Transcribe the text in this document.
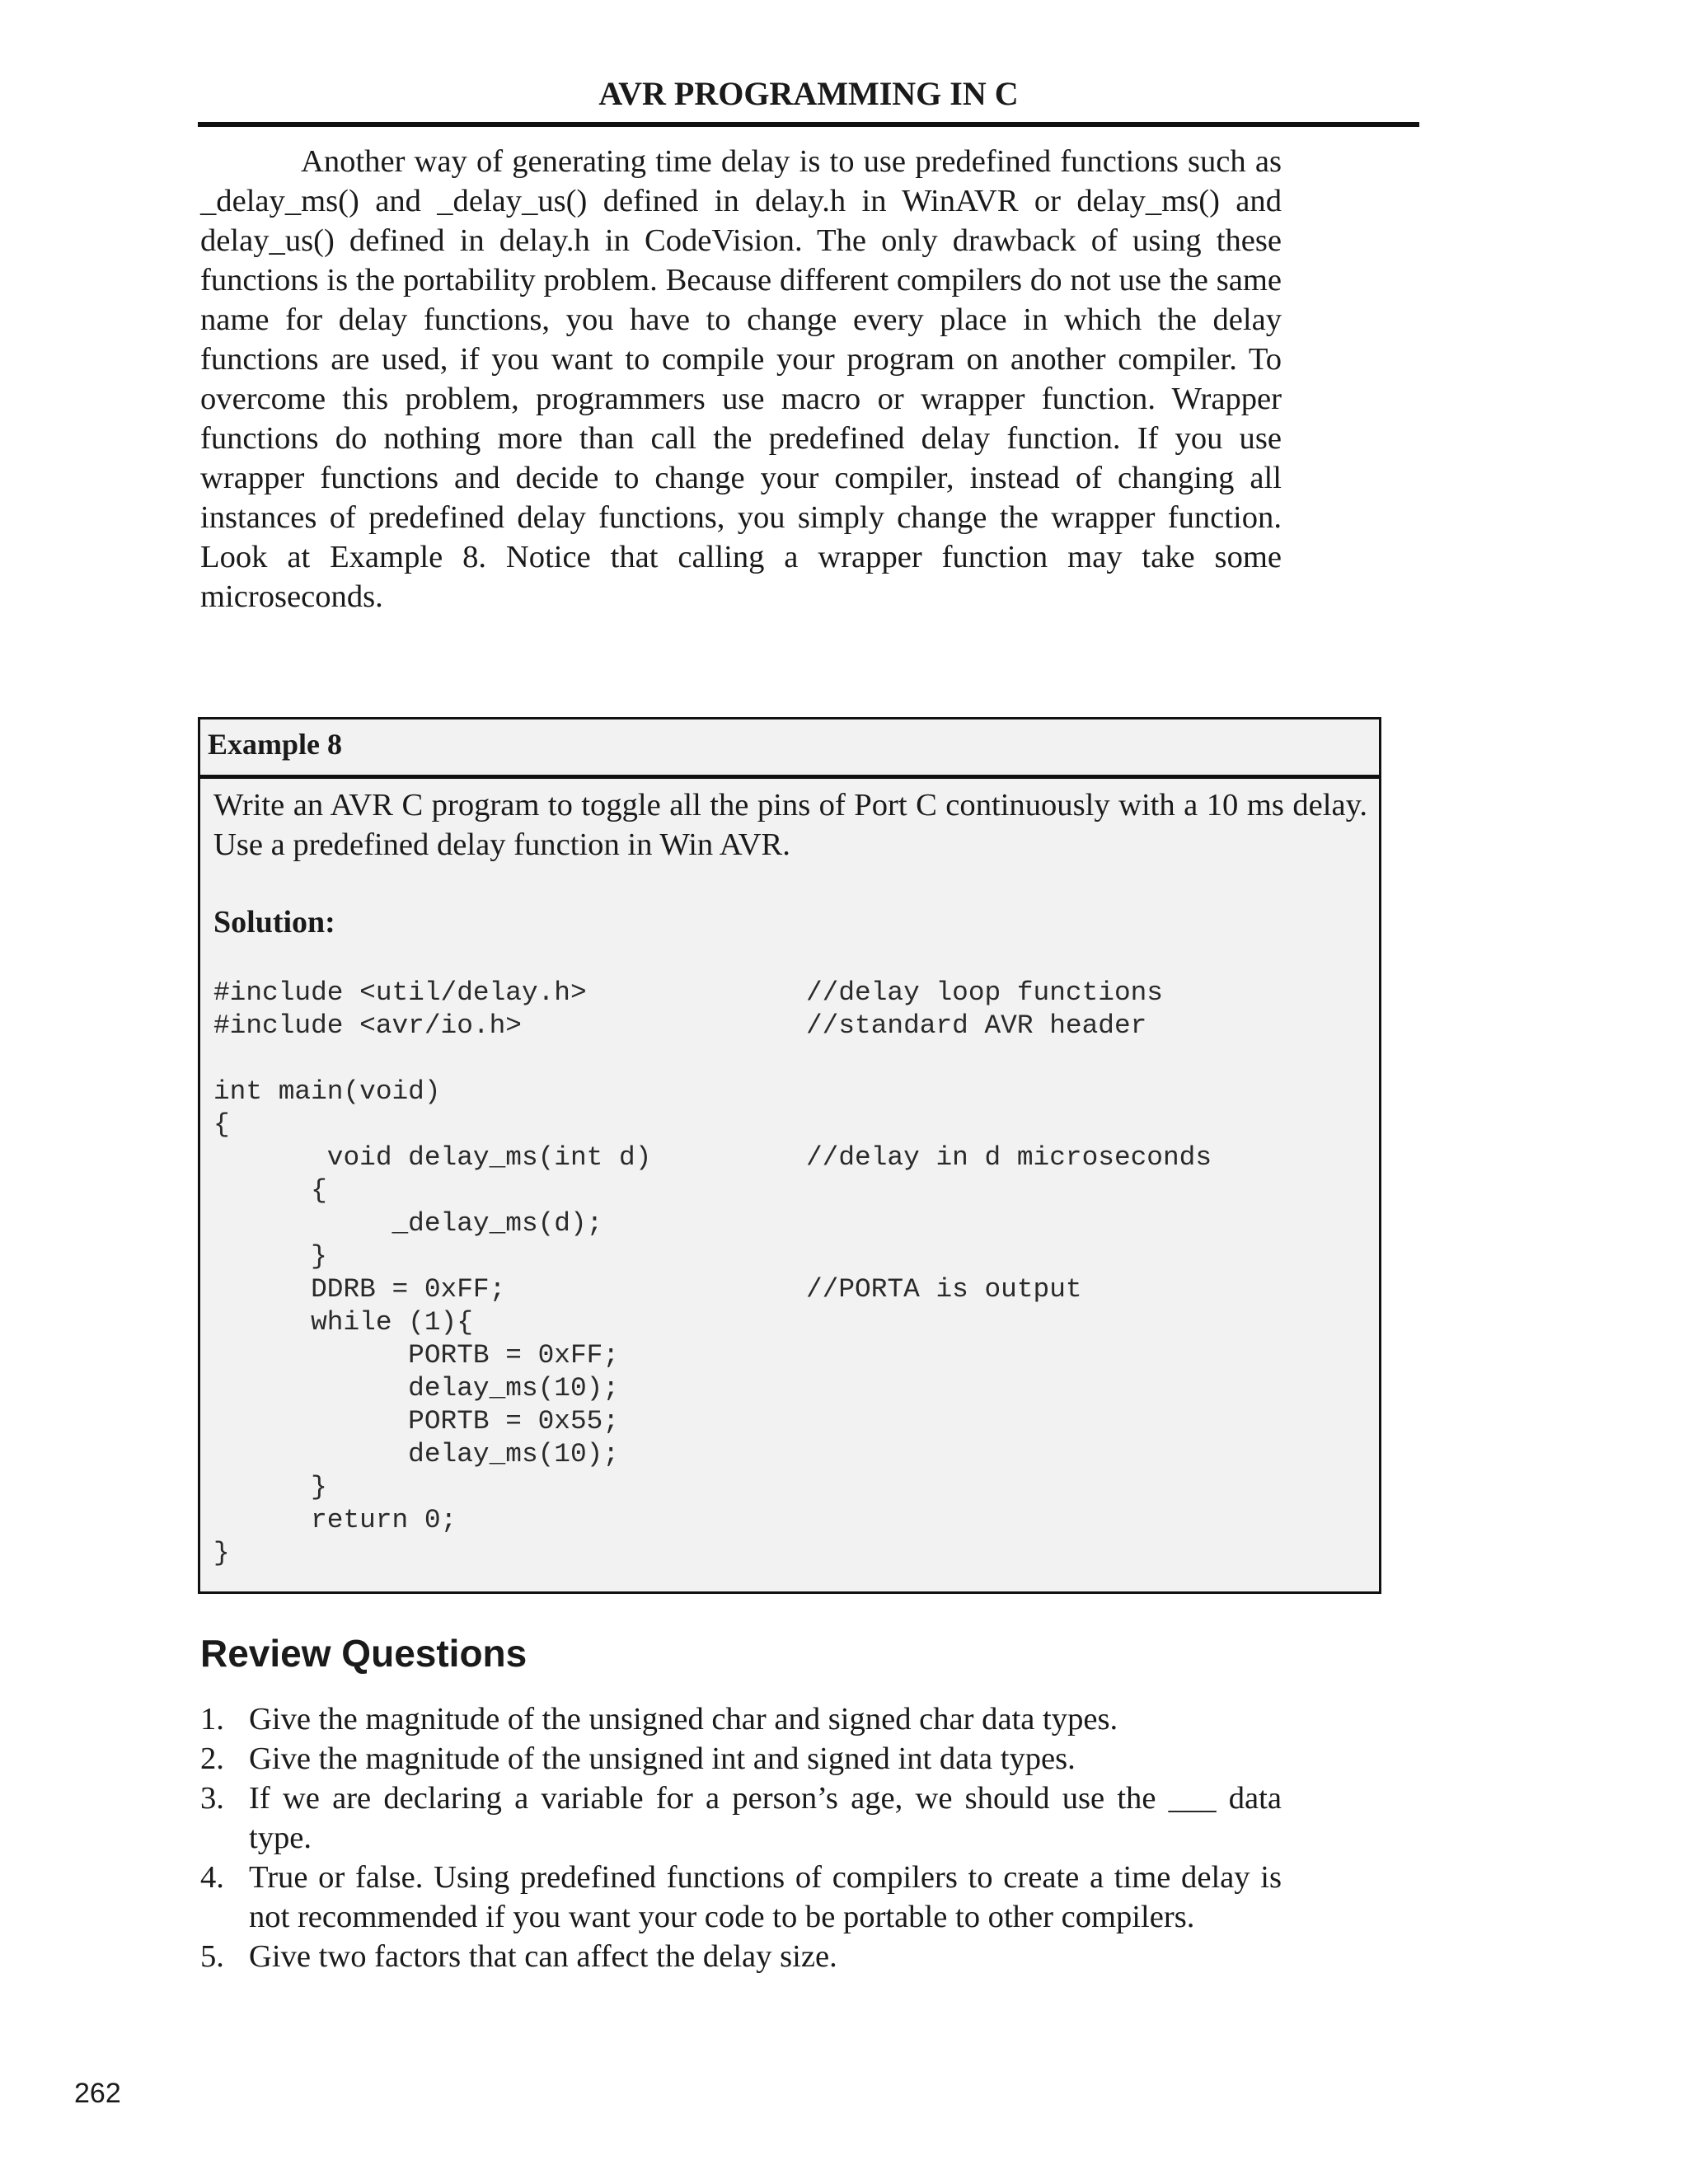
AVR PROGRAMMING IN C

Another way of generating time delay is to use predefined functions such as _delay_ms() and _delay_us() defined in delay.h in WinAVR or delay_ms() and delay_us() defined in delay.h in CodeVision. The only drawback of using these functions is the portability problem. Because different compilers do not use the same name for delay functions, you have to change every place in which the delay functions are used, if you want to compile your program on another compiler. To overcome this problem, programmers use macro or wrapper function. Wrapper functions do nothing more than call the predefined delay function. If you use wrapper functions and decide to change your compiler, instead of changing all instances of predefined delay functions, you simply change the wrapper function. Look at Example 8. Notice that calling a wrapper function may take some microseconds.

Example 8

Write an AVR C program to toggle all the pins of Port C continuously with a 10 ms delay. Use a predefined delay function in Win AVR.

Solution:

#include <util/delay.h>	//delay loop functions
#include <avr/io.h>	//standard AVR header
int main(void)
{
void delay_ms(int d)	//delay in d microseconds
{
_delay_ms(d);
}
DDRB = 0xFF;	//PORTA is output
while (1){
PORTB = 0xFF;
delay_ms(10);
PORTB = 0x55;
delay_ms(10);
}
return 0;
}
Review Questions
1. Give the magnitude of the unsigned char and signed char data types.
2. Give the magnitude of the unsigned int and signed int data types.
3. If we are declaring a variable for a person’s age, we should use the ___ data type.
4. True or false. Using predefined functions of compilers to create a time delay is not recommended if you want your code to be portable to other compilers.
5. Give two factors that can affect the delay size.
262
